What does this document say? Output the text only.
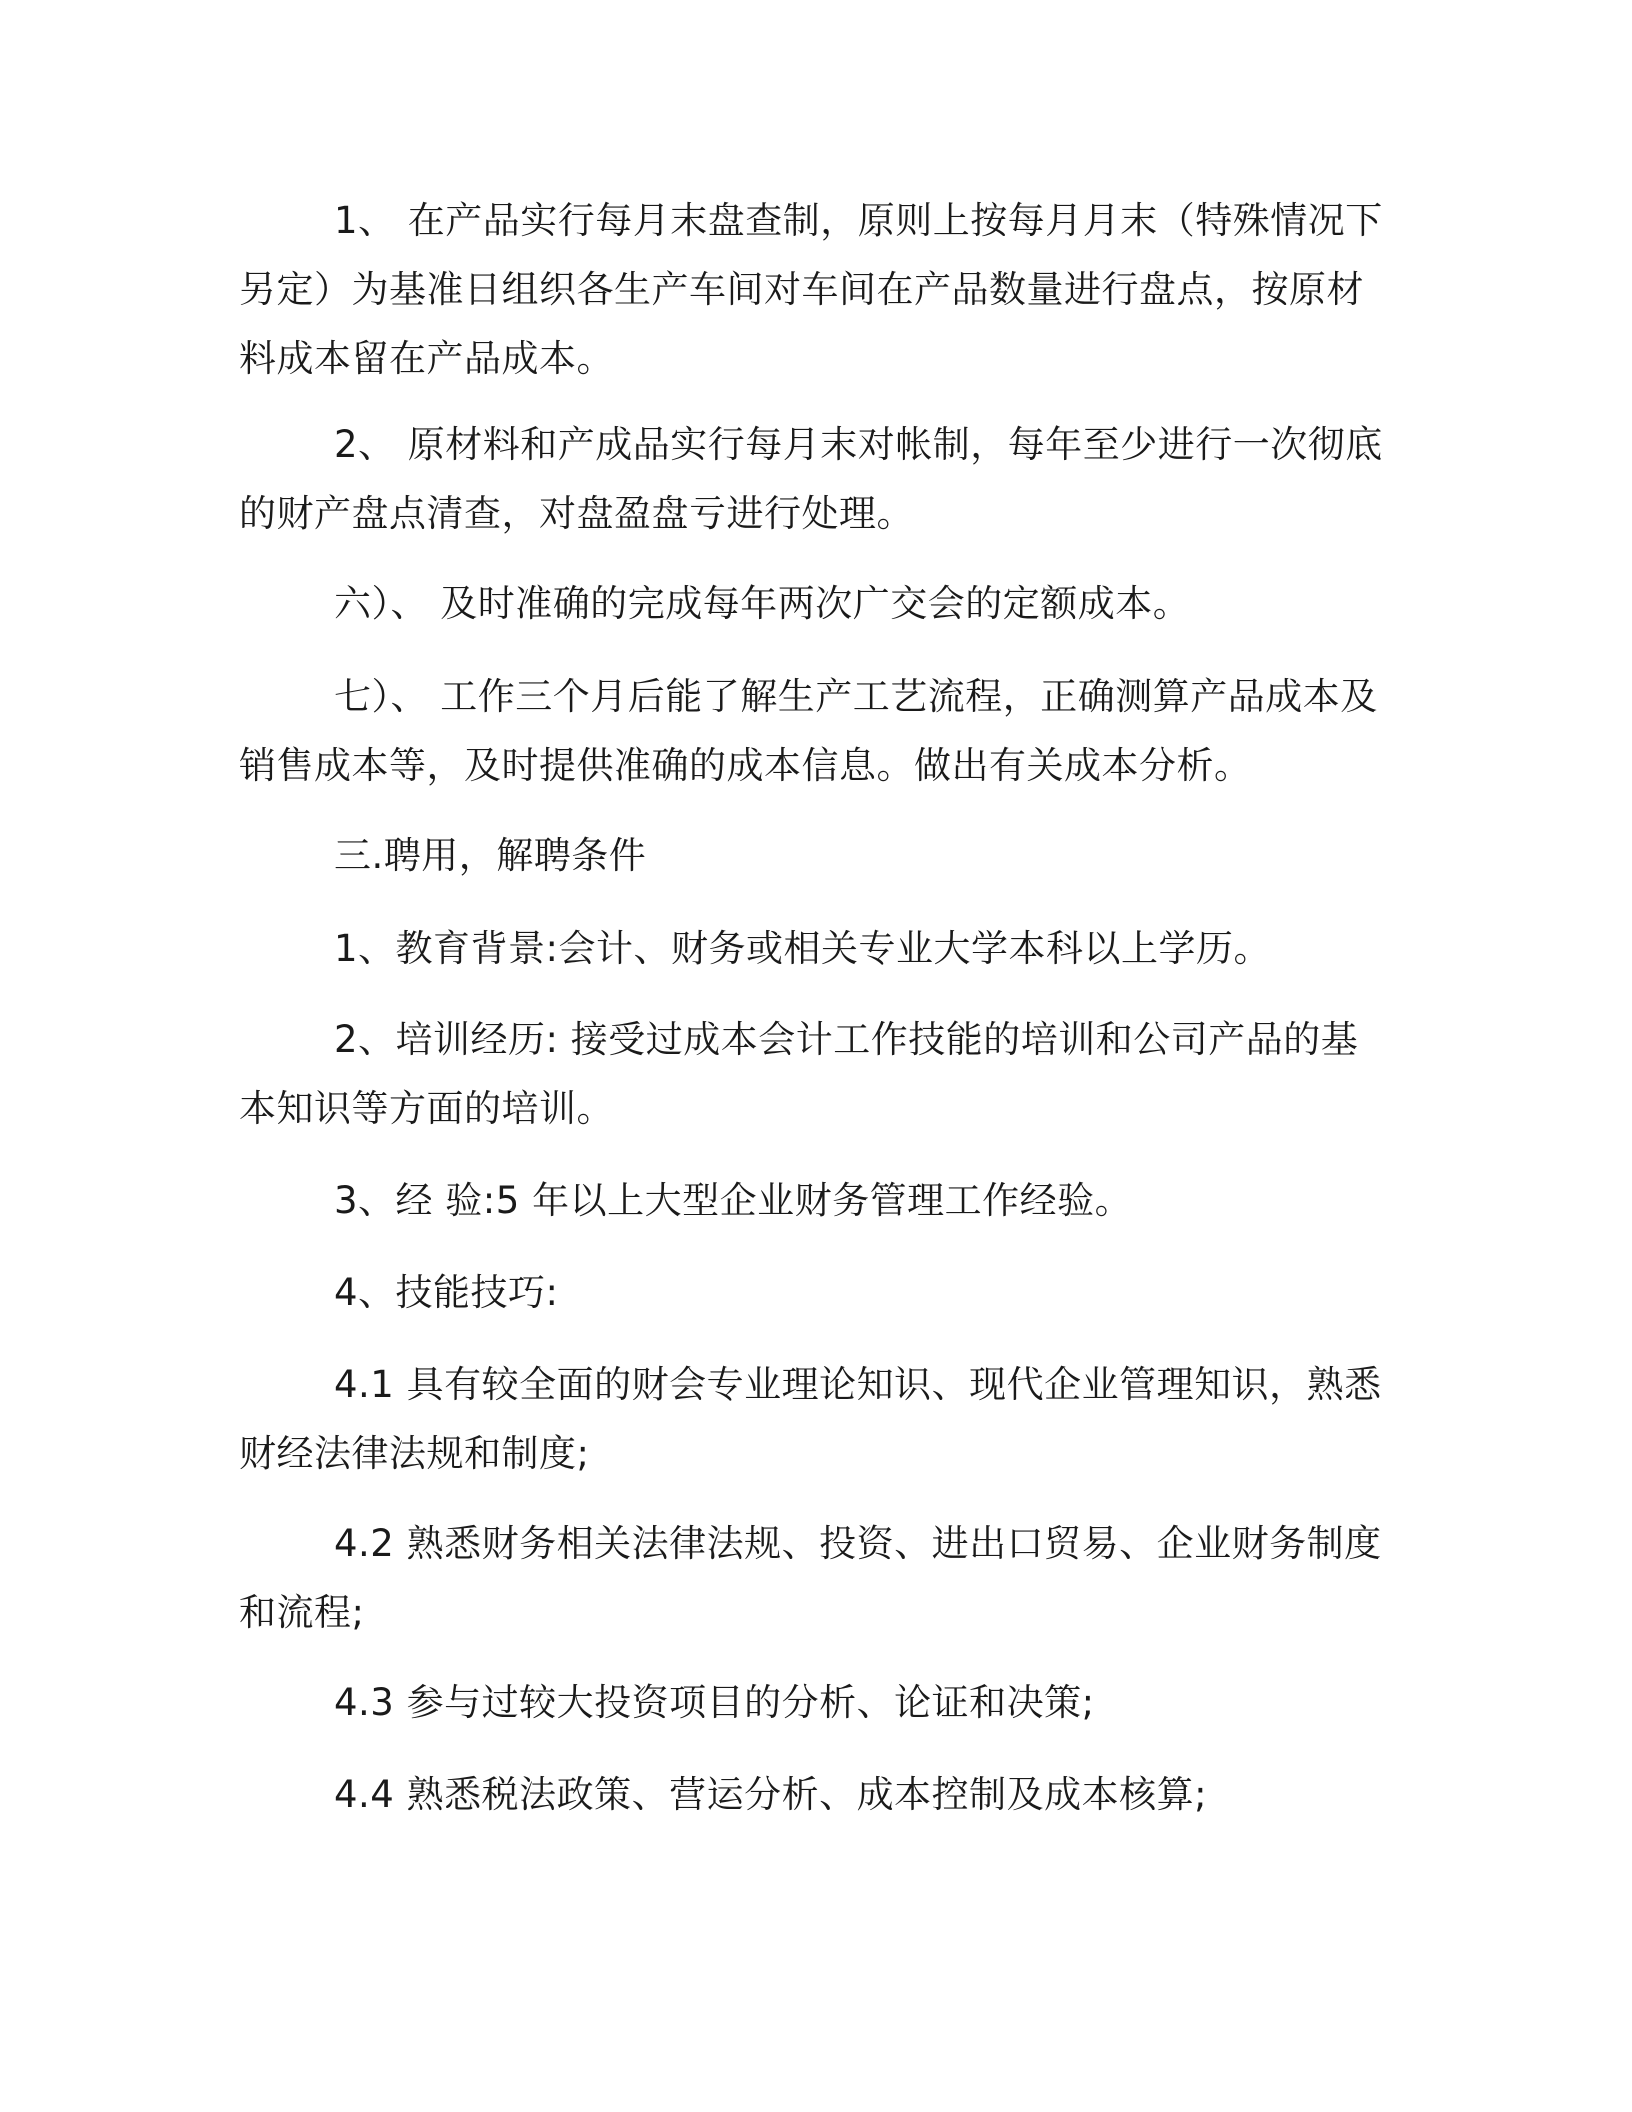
1、 在产品实行每月末盘查制，原则上按每月月末（特殊情况下另定）为基准日组织各生产车间对车间在产品数量进行盘点，按原材料成本留在产品成本。

2、 原材料和产成品实行每月末对帐制，每年至少进行一次彻底的财产盘点清查，对盘盈盘亏进行处理。

六）、 及时准确的完成每年两次广交会的定额成本。

七）、 工作三个月后能了解生产工艺流程，正确测算产品成本及销售成本等，及时提供准确的成本信息。做出有关成本分析。

三.聘用，解聘条件

1、教育背景:会计、财务或相关专业大学本科以上学历。

2、培训经历: 接受过成本会计工作技能的培训和公司产品的基本知识等方面的培训。

3、经 验:5 年以上大型企业财务管理工作经验。

4、技能技巧:

4.1 具有较全面的财会专业理论知识、现代企业管理知识，熟悉财经法律法规和制度;

4.2 熟悉财务相关法律法规、投资、进出口贸易、企业财务制度和流程;

4.3 参与过较大投资项目的分析、论证和决策;

4.4 熟悉税法政策、营运分析、成本控制及成本核算;
